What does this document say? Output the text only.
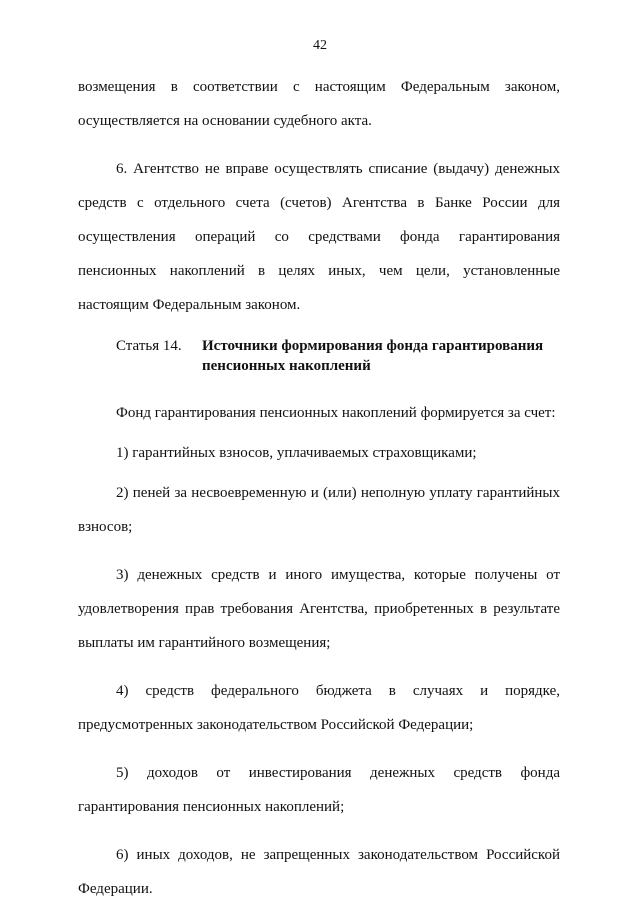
42

возмещения в соответствии с настоящим Федеральным законом, осуществляется на основании судебного акта.

6. Агентство не вправе осуществлять списание (выдачу) денежных средств с отдельного счета (счетов) Агентства в Банке России для осуществления операций со средствами фонда гарантирования пенсионных накоплений в целях иных, чем цели, установленные настоящим Федеральным законом.

Статья 14.	Источники формирования фонда гарантирования пенсионных накоплений

Фонд гарантирования пенсионных накоплений формируется за счет:

1) гарантийных взносов, уплачиваемых страховщиками;

2) пеней за несвоевременную и (или) неполную уплату гарантийных взносов;

3) денежных средств и иного имущества, которые получены от удовлетворения прав требования Агентства, приобретенных в результате выплаты им гарантийного возмещения;

4) средств федерального бюджета в случаях и порядке, предусмотренных законодательством Российской Федерации;

5) доходов от инвестирования денежных средств фонда гарантирования пенсионных накоплений;

6) иных доходов, не запрещенных законодательством Российской Федерации.
